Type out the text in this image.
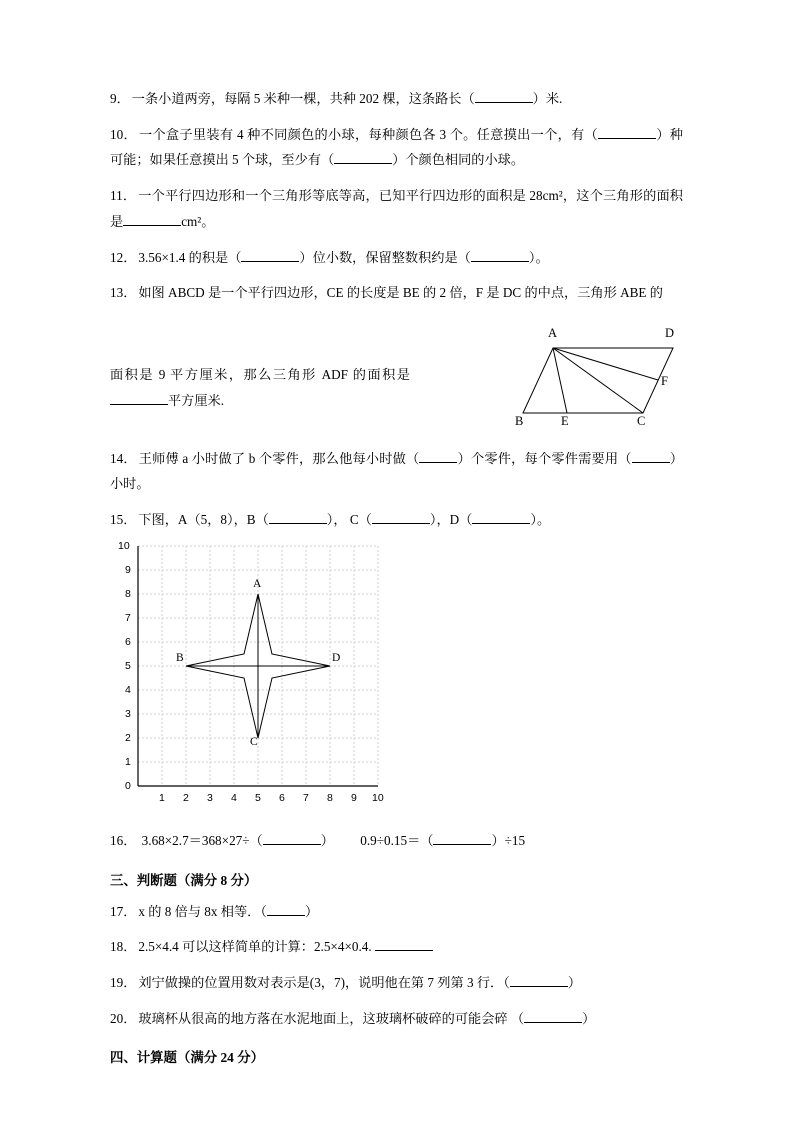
9． 一条小道两旁，每隔 5 米种一棵，共种 202 棵，这条路长（	）米.

10． 一个盒子里装有 4 种不同颜色的小球，每种颜色各 3 个。任意摸出一个，有（	）种可能；如果任意摸出 5 个球，至少有（	）个颜色相同的小球。

11． 一个平行四边形和一个三角形等底等高，已知平行四边形的面积是 28cm²，这个三角形的面积是	cm²。

12． 3.56×1.4 的积是（	）位小数，保留整数积约是（	）。

13． 如图 ABCD 是一个平行四边形，CE 的长度是 BE 的 2 倍，F 是 DC 的中点，三角形 ABE 的

面积是 9 平方厘米，那么三角形 ADF 的面积是平方厘米.

14． 王师傅 a 小时做了 b 个零件，那么他每小时做（	）个零件，每个零件需要用（	）小时。

15． 下图，A（5，8），B（	）， C（	），D（	）。

16． 3.68×2.7＝368×27÷（	） 0.9÷0.15＝（	）÷15

三、判断题（满分 8 分）

17． x 的 8 倍与 8x 相等．（	）

18． 2.5×4.4 可以这样简单的计算：2.5×4×0.4.

19． 刘宁做操的位置用数对表示是(3，7)，说明他在第 7 列第 3 行．（	）

20． 玻璃杯从很高的地方落在水泥地面上，这玻璃杯破碎的可能会碎 （	）

四、计算题（满分 24 分）

A	D
F
B	E	C
10
9
8
7
6
5
4
3
2
1
0
1 2 3 4 5 6 7 8 9 10
A
B
C
D
